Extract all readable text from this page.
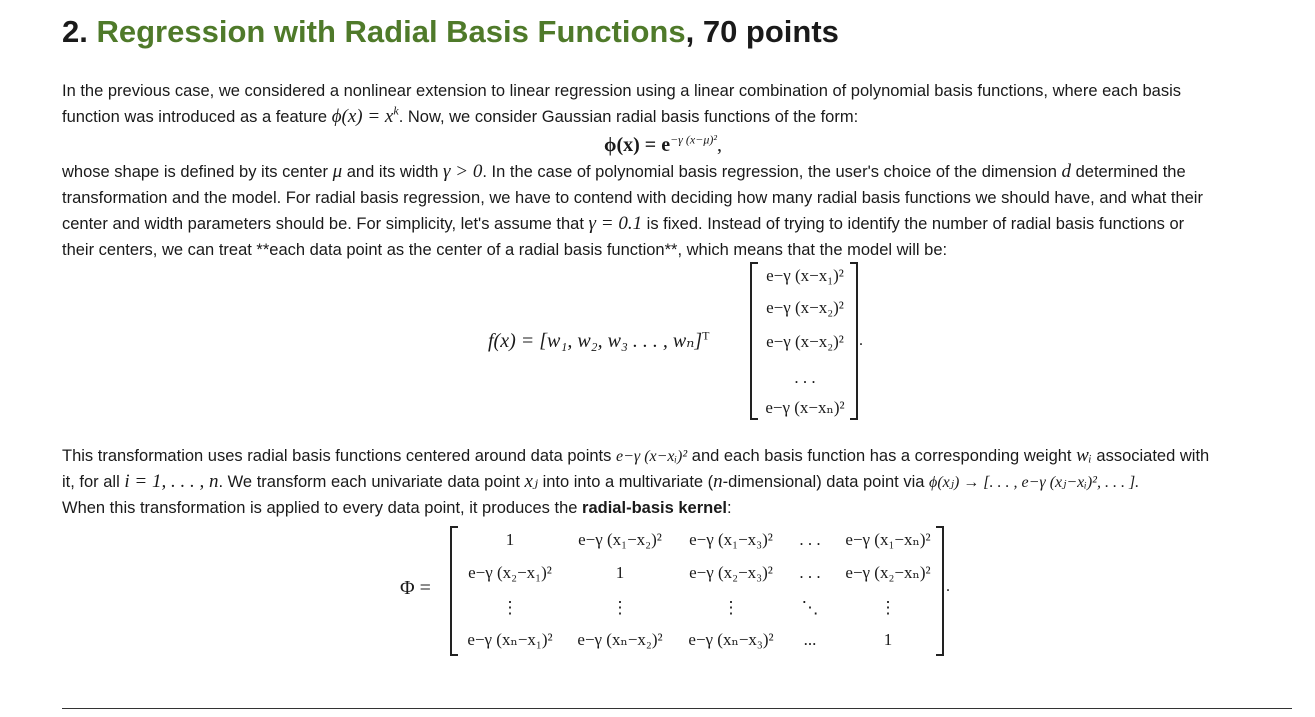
2. Regression with Radial Basis Functions, 70 points
In the previous case, we considered a nonlinear extension to linear regression using a linear combination of polynomial basis functions, where each basis
function was introduced as a feature $\phi(x) = x^k$. Now, we consider Gaussian radial basis functions of the form:
$\phi(x) = e^{-\gamma (x-\mu)^2}$,
whose shape is defined by its center μ and its width γ > 0. In the case of polynomial basis regression, the user's choice of the dimension d determined the
transformation and the model. For radial basis regression, we have to contend with deciding how many radial basis functions we should have, and what their
center and width parameters should be. For simplicity, let's assume that γ = 0.1 is fixed. Instead of trying to identify the number of radial basis functions or
their centers, we can treat **each data point as the center of a radial basis function**, which means that the model will be:
f(x) = [w₁, w₂, w₃ . . . , wₙ]$^T$
e−γ (x−x₁)²
e−γ (x−x₂)²
e−γ (x−x₂)²
. . .
e−γ (x−xₙ)²
.
This transformation uses radial basis functions centered around data points e−γ (x−xᵢ)² and each basis function has a corresponding weight wᵢ associated with
it, for all i = 1, . . . , n. We transform each univariate data point xⱼ into into a multivariate (n-dimensional) data point via ϕ(xⱼ) → [. . . , e−γ (xⱼ−xᵢ)², . . . ].
When this transformation is applied to every data point, it produces the radial-basis kernel:
Φ =	.
1	e−γ (x₁−x₂)²	e−γ (x₁−x₃)²	. . .	e−γ (x₁−xₙ)²
e−γ (x₂−x₁)²	1	e−γ (x₂−x₃)²	. . .	e−γ (x₂−xₙ)²
⋮	⋮	⋮	⋱	⋮
e−γ (xₙ−x₁)²	e−γ (xₙ−x₂)²	e−γ (xₙ−x₃)²	...	1
